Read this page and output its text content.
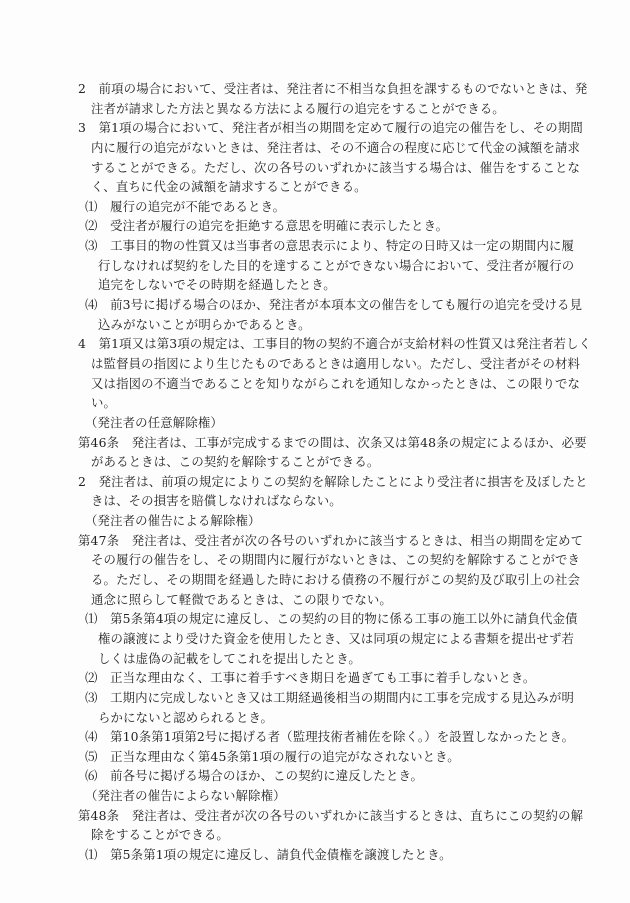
2　前項の場合において、受注者は、発注者に不相当な負担を課するものでないときは、発
注者が請求した方法と異なる方法による履行の追完をすることができる。
3　第1項の場合において、発注者が相当の期間を定めて履行の追完の催告をし、その期間
内に履行の追完がないときは、発注者は、その不適合の程度に応じて代金の減額を請求
することができる。ただし、次の各号のいずれかに該当する場合は、催告をすることな
く、直ちに代金の減額を請求することができる。
⑴　履行の追完が不能であるとき。
⑵　受注者が履行の追完を拒絶する意思を明確に表示したとき。
⑶　工事目的物の性質又は当事者の意思表示により、特定の日時又は一定の期間内に履
行しなければ契約をした目的を達することができない場合において、受注者が履行の
追完をしないでその時期を経過したとき。
⑷　前3号に掲げる場合のほか、発注者が本項本文の催告をしても履行の追完を受ける見
込みがないことが明らかであるとき。
4　第1項又は第3項の規定は、工事目的物の契約不適合が支給材料の性質又は発注者若しく
は監督員の指図により生じたものであるときは適用しない。ただし、受注者がその材料
又は指図の不適当であることを知りながらこれを通知しなかったときは、この限りでな
い。
（発注者の任意解除権）
第46条　発注者は、工事が完成するまでの間は、次条又は第48条の規定によるほか、必要
があるときは、この契約を解除することができる。
2　発注者は、前項の規定によりこの契約を解除したことにより受注者に損害を及ぼしたと
きは、その損害を賠償しなければならない。
（発注者の催告による解除権）
第47条　発注者は、受注者が次の各号のいずれかに該当するときは、相当の期間を定めて
その履行の催告をし、その期間内に履行がないときは、この契約を解除することができ
る。ただし、その期間を経過した時における債務の不履行がこの契約及び取引上の社会
通念に照らして軽微であるときは、この限りでない。
⑴　第5条第4項の規定に違反し、この契約の目的物に係る工事の施工以外に請負代金債
権の譲渡により受けた資金を使用したとき、又は同項の規定による書類を提出せず若
しくは虚偽の記載をしてこれを提出したとき。
⑵　正当な理由なく、工事に着手すべき期日を過ぎても工事に着手しないとき。
⑶　工期内に完成しないとき又は工期経過後相当の期間内に工事を完成する見込みが明
らかにないと認められるとき。
⑷　第10条第1項第2号に掲げる者（監理技術者補佐を除く。）を設置しなかったとき。
⑸　正当な理由なく第45条第1項の履行の追完がなされないとき。
⑹　前各号に掲げる場合のほか、この契約に違反したとき。
（発注者の催告によらない解除権）
第48条　発注者は、受注者が次の各号のいずれかに該当するときは、直ちにこの契約の解
除をすることができる。
⑴　第5条第1項の規定に違反し、請負代金債権を譲渡したとき。
